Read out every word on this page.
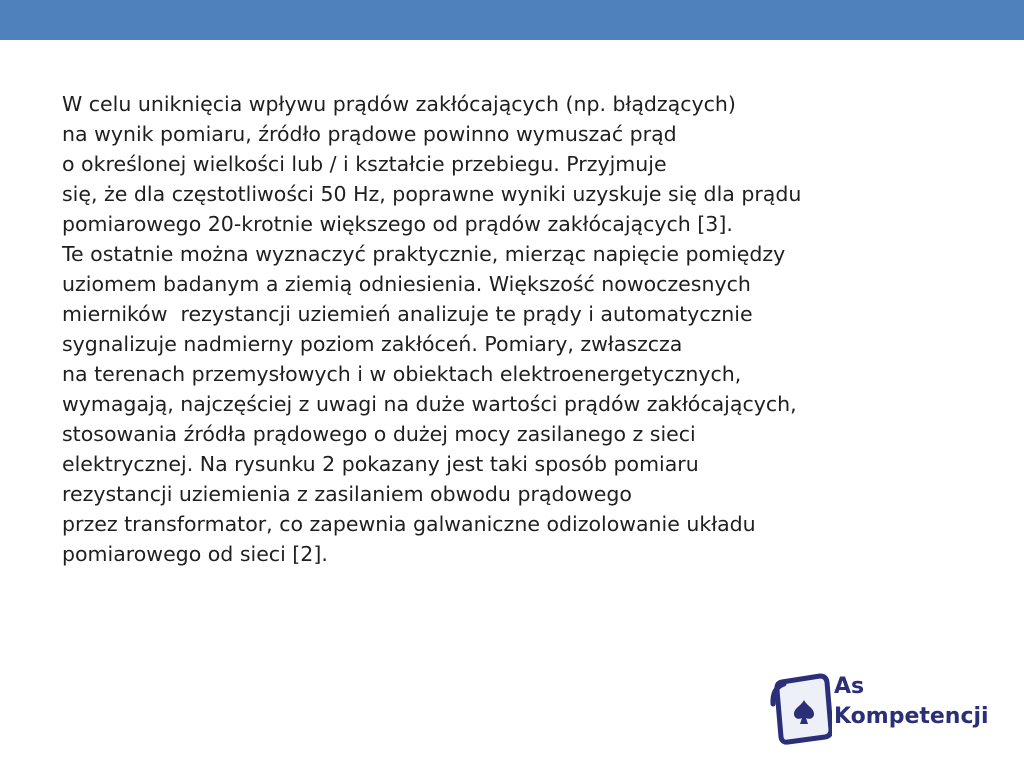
W celu uniknięcia wpływu prądów zakłócających (np. błądzących)
na wynik pomiaru, źródło prądowe powinno wymuszać prąd
o określonej wielkości lub / i kształcie przebiegu. Przyjmuje
się, że dla częstotliwości 50 Hz, poprawne wyniki uzyskuje się dla prądu
pomiarowego 20-krotnie większego od prądów zakłócających [3].
Te ostatnie można wyznaczyć praktycznie, mierząc napięcie pomiędzy
uziomem badanym a ziemią odniesienia. Większość nowoczesnych
mierników  rezystancji uziemień analizuje te prądy i automatycznie
sygnalizuje nadmierny poziom zakłóceń. Pomiary, zwłaszcza
na terenach przemysłowych i w obiektach elektroenergetycznych,
wymagają, najczęściej z uwagi na duże wartości prądów zakłócających,
stosowania źródła prądowego o dużej mocy zasilanego z sieci
elektrycznej. Na rysunku 2 pokazany jest taki sposób pomiaru
rezystancji uziemienia z zasilaniem obwodu prądowego
przez transformator, co zapewnia galwaniczne odizolowanie układu
pomiarowego od sieci [2].

As
Kompetencji
